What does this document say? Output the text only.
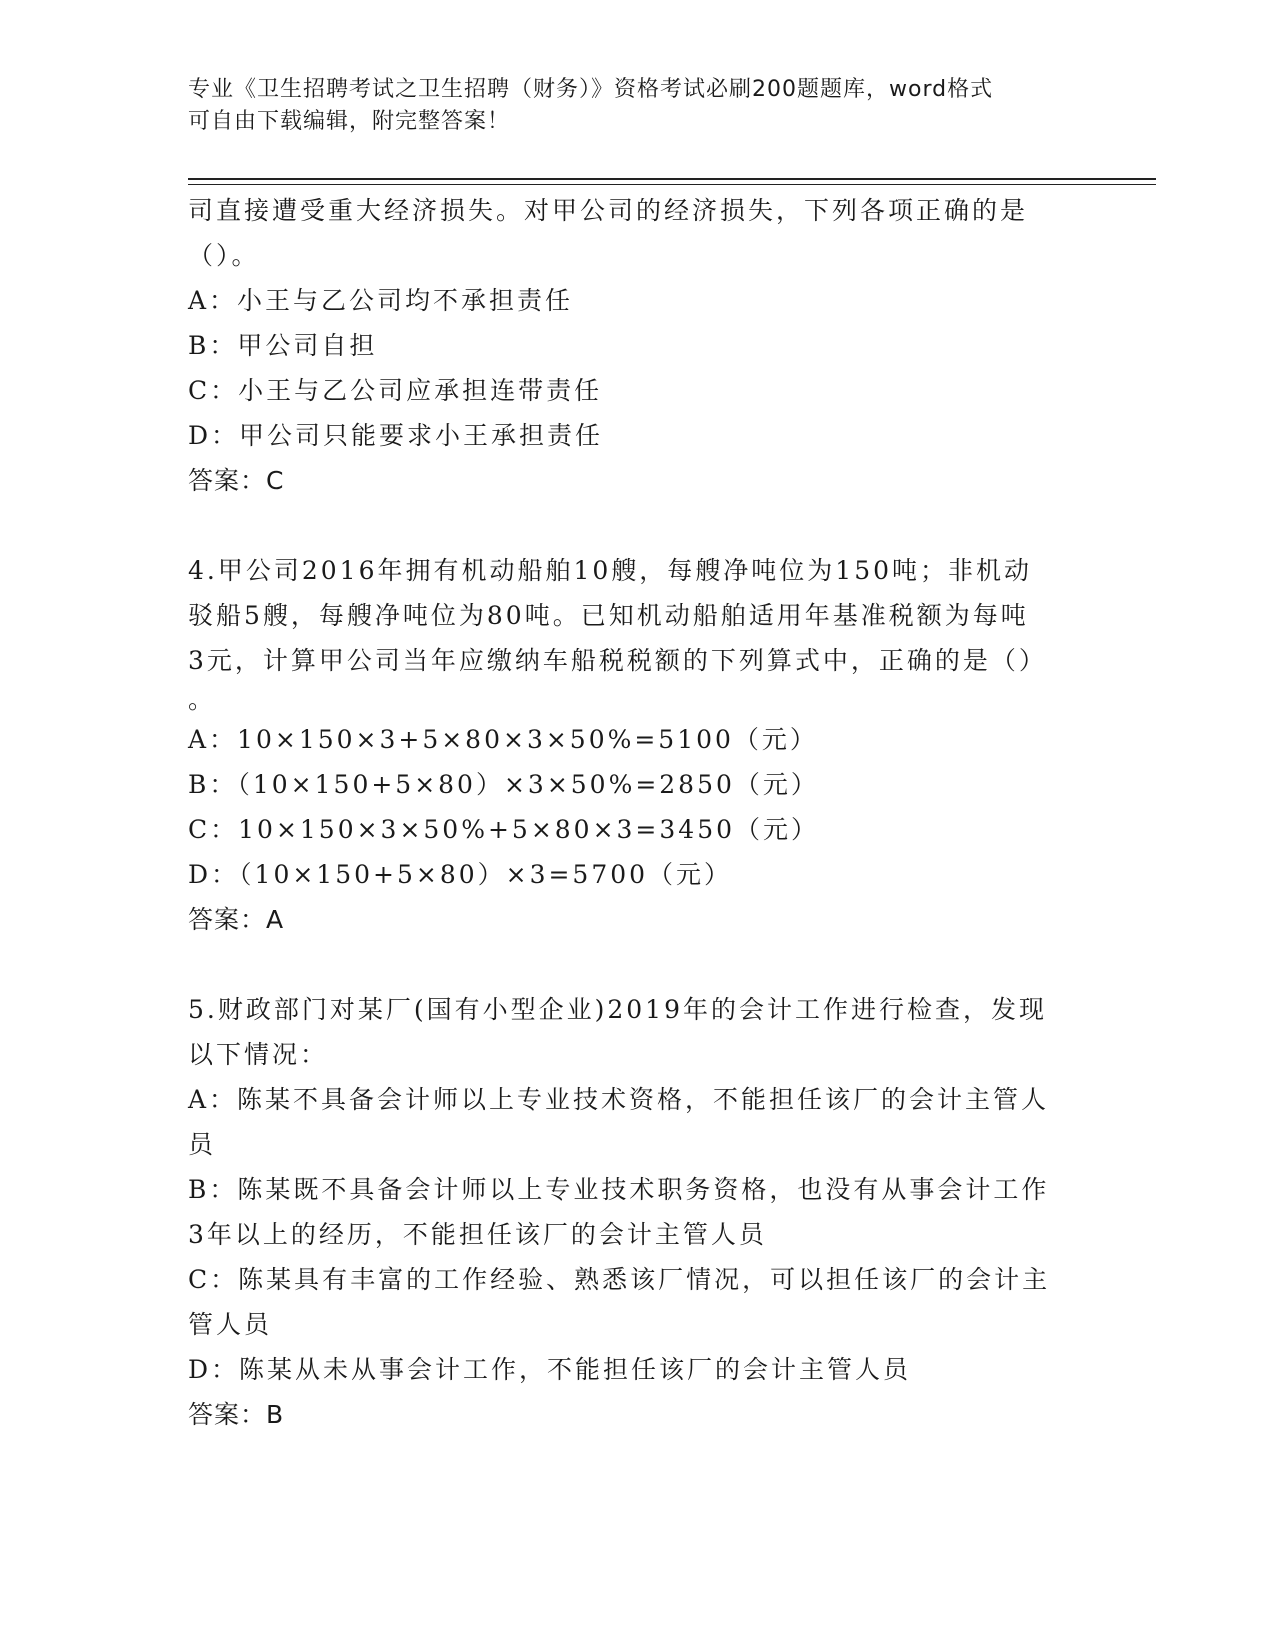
专业《卫生招聘考试之卫生招聘（财务）》资格考试必刷200题题库，word格式
可自由下载编辑，附完整答案！

司直接遭受重大经济损失。对甲公司的经济损失，下列各项正确的是

（）。

A：小王与乙公司均不承担责任

B：甲公司自担

C：小王与乙公司应承担连带责任

D：甲公司只能要求小王承担责任

答案：C

4.甲公司2016年拥有机动船舶10艘，每艘净吨位为150吨；非机动

驳船5艘，每艘净吨位为80吨。已知机动船舶适用年基准税额为每吨

3元，计算甲公司当年应缴纳车船税税额的下列算式中，正确的是（）

。

A：10×150×3+5×80×3×50%=5100（元）

B：（10×150+5×80）×3×50%=2850（元）

C：10×150×3×50%+5×80×3=3450（元）

D：（10×150+5×80）×3=5700（元）

答案：A

5.财政部门对某厂(国有小型企业)2019年的会计工作进行检查，发现

以下情况：

A：陈某不具备会计师以上专业技术资格，不能担任该厂的会计主管人

员

B：陈某既不具备会计师以上专业技术职务资格，也没有从事会计工作

3年以上的经历，不能担任该厂的会计主管人员

C：陈某具有丰富的工作经验、熟悉该厂情况，可以担任该厂的会计主

管人员

D：陈某从未从事会计工作，不能担任该厂的会计主管人员

答案：B
